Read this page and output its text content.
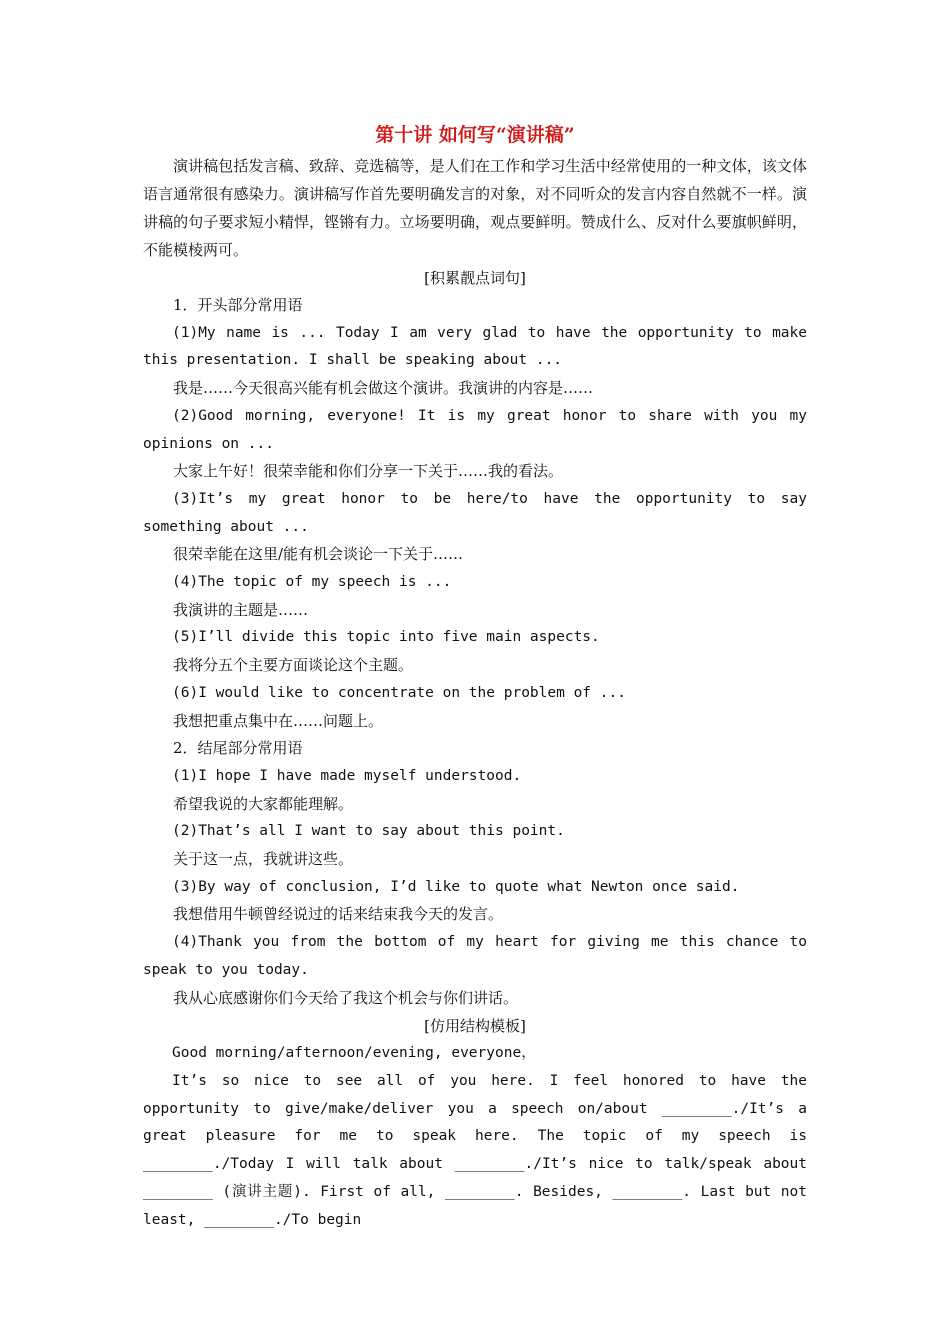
第十讲 如何写“演讲稿”

演讲稿包括发言稿、致辞、竞选稿等，是人们在工作和学习生活中经常使用的一种文体，该文体语言通常很有感染力。演讲稿写作首先要明确发言的对象，对不同听众的发言内容自然就不一样。演讲稿的句子要求短小精悍，铿锵有力。立场要明确，观点要鲜明。赞成什么、反对什么要旗帜鲜明，不能模棱两可。

[积累靓点词句]

1．开头部分常用语

(1)My name is ... Today I am very glad to have the opportunity to make this presentation. I shall be speaking about ...

我是……今天很高兴能有机会做这个演讲。我演讲的内容是……

(2)Good morning, everyone! It is my great honor to share with you my opinions on ...

大家上午好！很荣幸能和你们分享一下关于……我的看法。

(3)It’s my great honor to be here/to have the opportunity to say something about ...

很荣幸能在这里/能有机会谈论一下关于……

(4)The topic of my speech is ...

我演讲的主题是……

(5)I’ll divide this topic into five main aspects.

我将分五个主要方面谈论这个主题。

(6)I would like to concentrate on the problem of ...

我想把重点集中在……问题上。

2．结尾部分常用语

(1)I hope I have made myself understood.

希望我说的大家都能理解。

(2)That’s all I want to say about this point.

关于这一点，我就讲这些。

(3)By way of conclusion, I’d like to quote what Newton once said.

我想借用牛顿曾经说过的话来结束我今天的发言。

(4)Thank you from the bottom of my heart for giving me this chance to speak to you today.

我从心底感谢你们今天给了我这个机会与你们讲话。

[仿用结构模板]

Good morning/afternoon/evening, everyone，

It’s so nice to see all of you here. I feel honored to have the opportunity to give/make/deliver you a speech on/about ________./It’s a great pleasure for me to speak here. The topic of my speech is ________./Today I will talk about ________./It’s nice to talk/speak about ________ (演讲主题). First of all, ________. Besides, ________. Last but not least, ________./To begin
